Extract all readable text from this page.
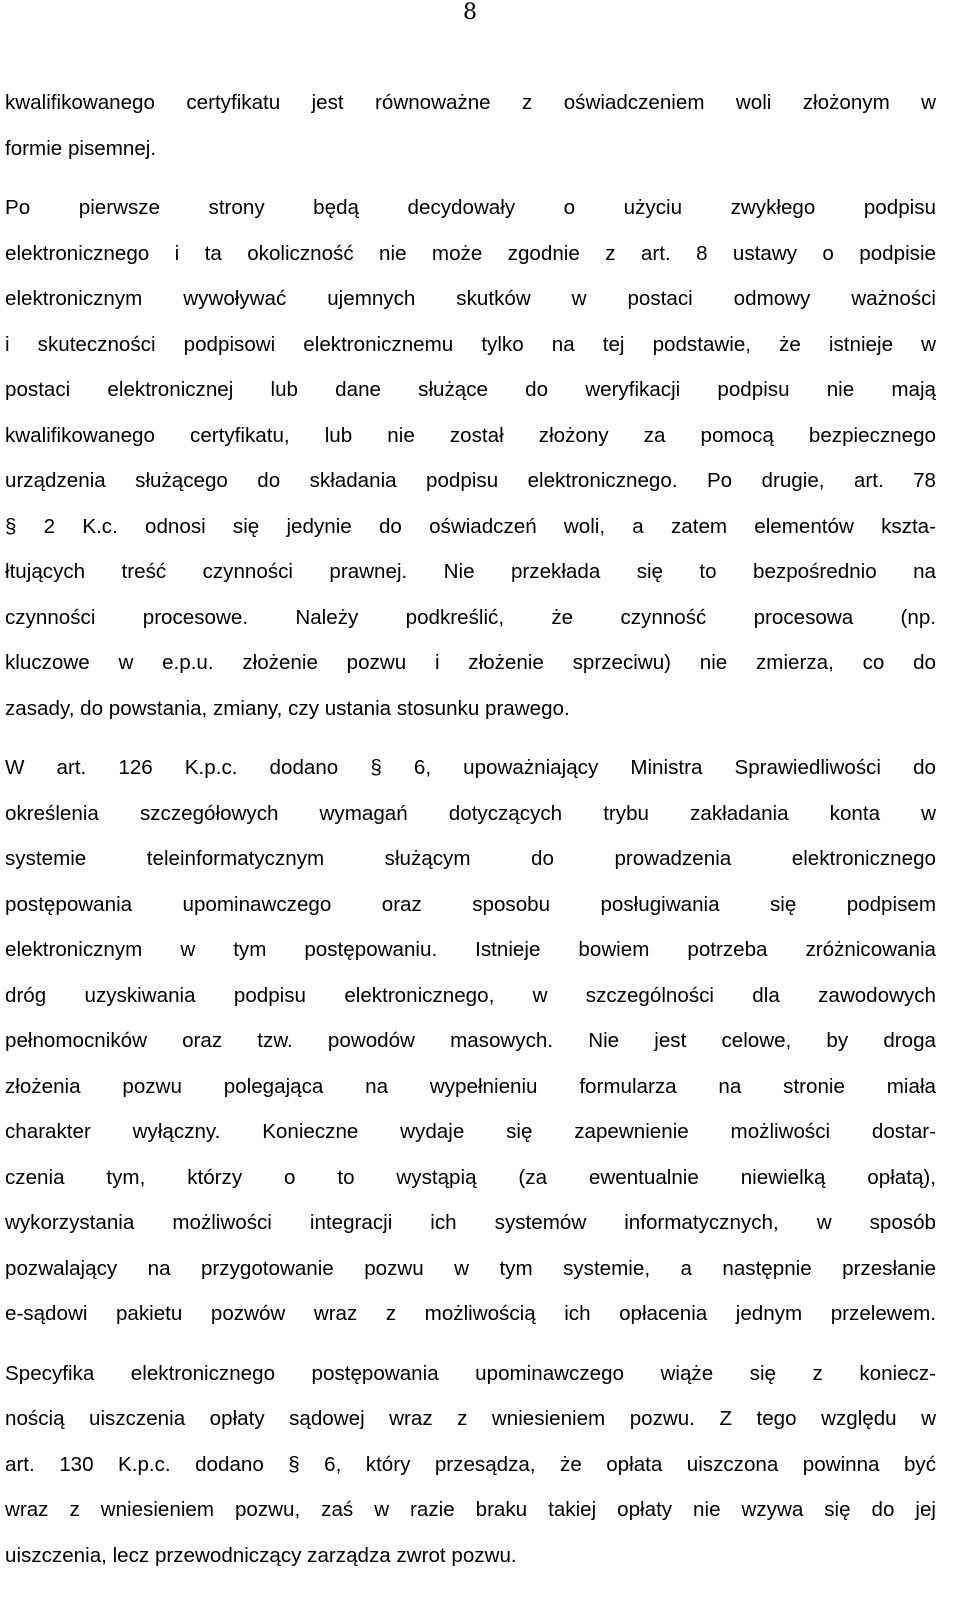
8
kwalifikowanego certyfikatu jest równoważne z oświadczeniem woli złożonym w
formie pisemnej.
Po pierwsze strony będą decydowały o użyciu zwykłego podpisu
elektronicznego i ta okoliczność nie może zgodnie z art. 8 ustawy o podpisie
elektronicznym wywoływać ujemnych skutków w postaci odmowy ważności
i skuteczności podpisowi elektronicznemu tylko na tej podstawie, że istnieje w
postaci elektronicznej lub dane służące do weryfikacji podpisu nie mają
kwalifikowanego certyfikatu, lub nie został złożony za pomocą bezpiecznego
urządzenia służącego do składania podpisu elektronicznego. Po drugie, art. 78
§ 2 K.c. odnosi się jedynie do oświadczeń woli, a zatem elementów kszta-
łtujących treść czynności prawnej. Nie przekłada się to bezpośrednio na
czynności procesowe. Należy podkreślić, że czynność procesowa (np.
kluczowe w e.p.u. złożenie pozwu i złożenie sprzeciwu) nie zmierza, co do
zasady, do powstania, zmiany, czy ustania stosunku prawego.
W art. 126 K.p.c. dodano § 6, upoważniający Ministra Sprawiedliwości do
określenia szczegółowych wymagań dotyczących trybu zakładania konta w
systemie teleinformatycznym służącym do prowadzenia elektronicznego
postępowania upominawczego oraz sposobu posługiwania się podpisem
elektronicznym w tym postępowaniu. Istnieje bowiem potrzeba zróżnicowania
dróg uzyskiwania podpisu elektronicznego, w szczególności dla zawodowych
pełnomocników oraz tzw. powodów masowych. Nie jest celowe, by droga
złożenia pozwu polegająca na wypełnieniu formularza na stronie miała
charakter wyłączny. Konieczne wydaje się zapewnienie możliwości dostar-
czenia tym, którzy o to wystąpią (za ewentualnie niewielką opłatą),
wykorzystania możliwości integracji ich systemów informatycznych, w sposób
pozwalający na przygotowanie pozwu w tym systemie, a następnie przesłanie
e-sądowi pakietu pozwów wraz z możliwością ich opłacenia jednym przelewem.
Specyfika elektronicznego postępowania upominawczego wiąże się z koniecz-
nością uiszczenia opłaty sądowej wraz z wniesieniem pozwu. Z tego względu w
art. 130 K.p.c. dodano § 6, który przesądza, że opłata uiszczona powinna być
wraz z wniesieniem pozwu, zaś w razie braku takiej opłaty nie wzywa się do jej
uiszczenia, lecz przewodniczący zarządza zwrot pozwu.
